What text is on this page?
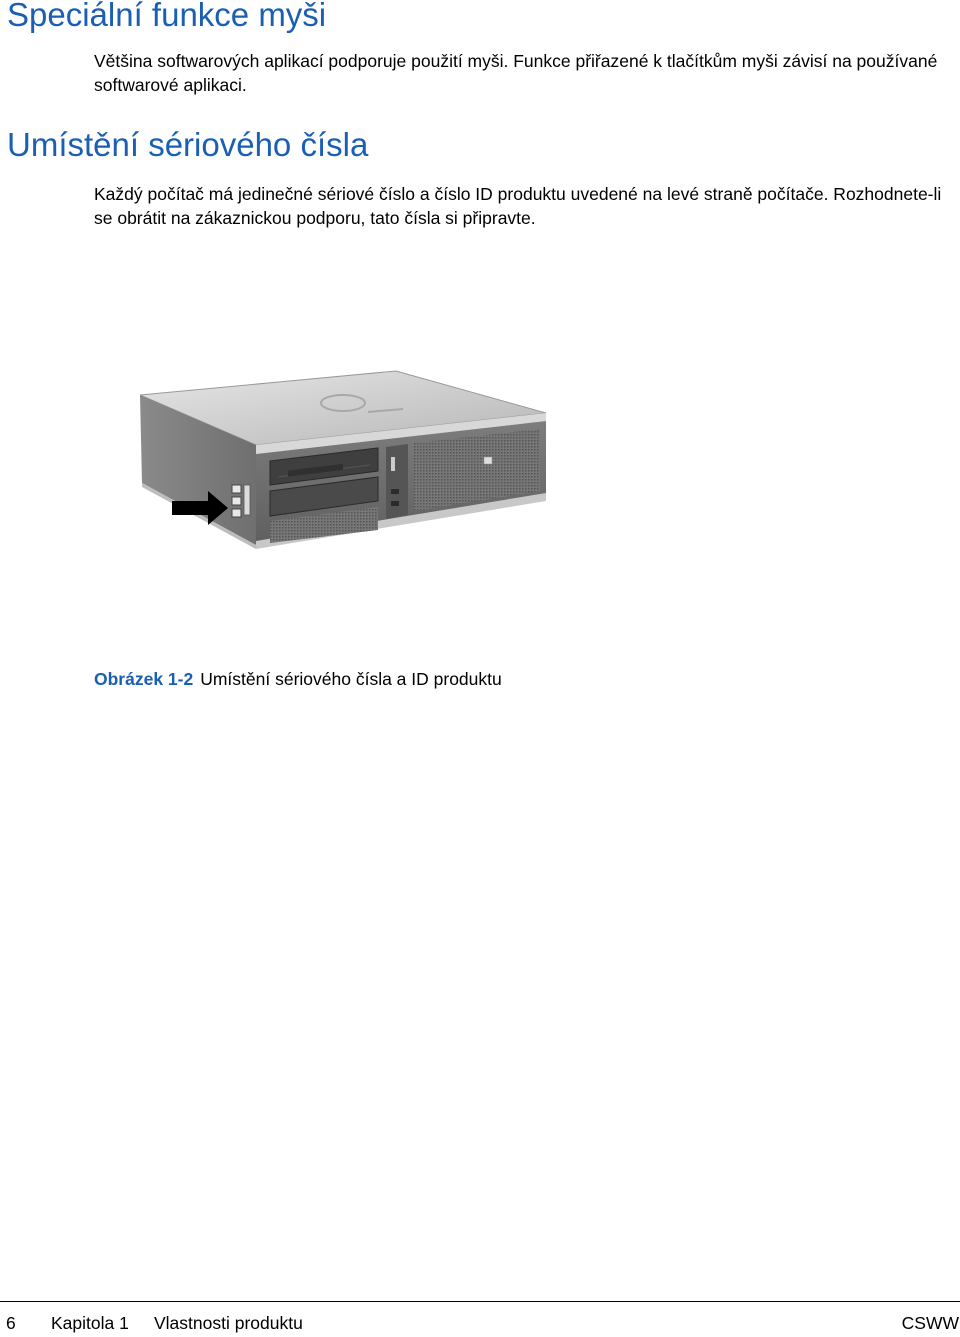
Speciální funkce myši

Většina softwarových aplikací podporuje použití myši. Funkce přiřazené k tlačítkům myši závisí na používané softwarové aplikaci.

Umístění sériového čísla

Každý počítač má jedinečné sériové číslo a číslo ID produktu uvedené na levé straně počítače. Rozhodnete-li se obrátit na zákaznickou podporu, tato čísla si připravte.

Obrázek 1-2 Umístění sériového čísla a ID produktu

6 Kapitola 1 Vlastnosti produktu	CSWW
